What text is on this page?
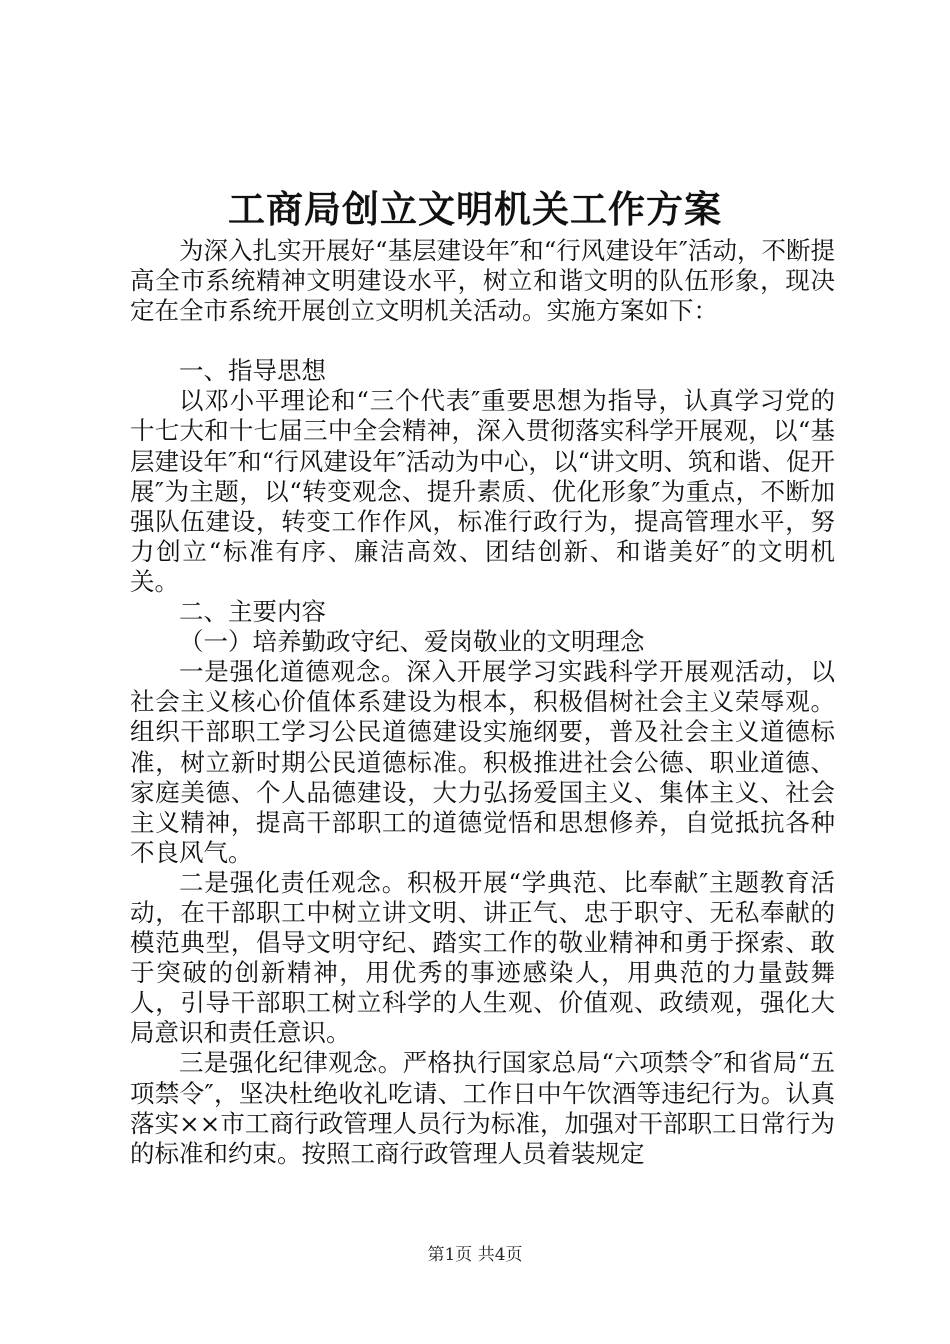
工商局创立文明机关工作方案

为深入扎实开展好“基层建设年″和“行风建设年″活动，不断提高全市系统精神文明建设水平，树立和谐文明的队伍形象，现决定在全市系统开展创立文明机关活动。实施方案如下：

一、指导思想

以邓小平理论和“三个代表″重要思想为指导，认真学习党的十七大和十七届三中全会精神，深入贯彻落实科学开展观，以“基层建设年″和“行风建设年″活动为中心，以“讲文明、筑和谐、促开展″为主题，以“转变观念、提升素质、优化形象″为重点，不断加强队伍建设，转变工作作风，标准行政行为，提高管理水平，努力创立“标准有序、廉洁高效、团结创新、和谐美好″的文明机关。

二、主要内容

（一）培养勤政守纪、爱岗敬业的文明理念

一是强化道德观念。深入开展学习实践科学开展观活动，以社会主义核心价值体系建设为根本，积极倡树社会主义荣辱观。组织干部职工学习公民道德建设实施纲要，普及社会主义道德标准，树立新时期公民道德标准。积极推进社会公德、职业道德、家庭美德、个人品德建设，大力弘扬爱国主义、集体主义、社会主义精神，提高干部职工的道德觉悟和思想修养，自觉抵抗各种不良风气。

二是强化责任观念。积极开展“学典范、比奉献″主题教育活动，在干部职工中树立讲文明、讲正气、忠于职守、无私奉献的模范典型，倡导文明守纪、踏实工作的敬业精神和勇于探索、敢于突破的创新精神，用优秀的事迹感染人，用典范的力量鼓舞人，引导干部职工树立科学的人生观、价值观、政绩观，强化大局意识和责任意识。

三是强化纪律观念。严格执行国家总局“六项禁令″和省局“五项禁令″，坚决杜绝收礼吃请、工作日中午饮酒等违纪行为。认真落实××市工商行政管理人员行为标准，加强对干部职工日常行为的标准和约束。按照工商行政管理人员着装规定

第1页 共4页
